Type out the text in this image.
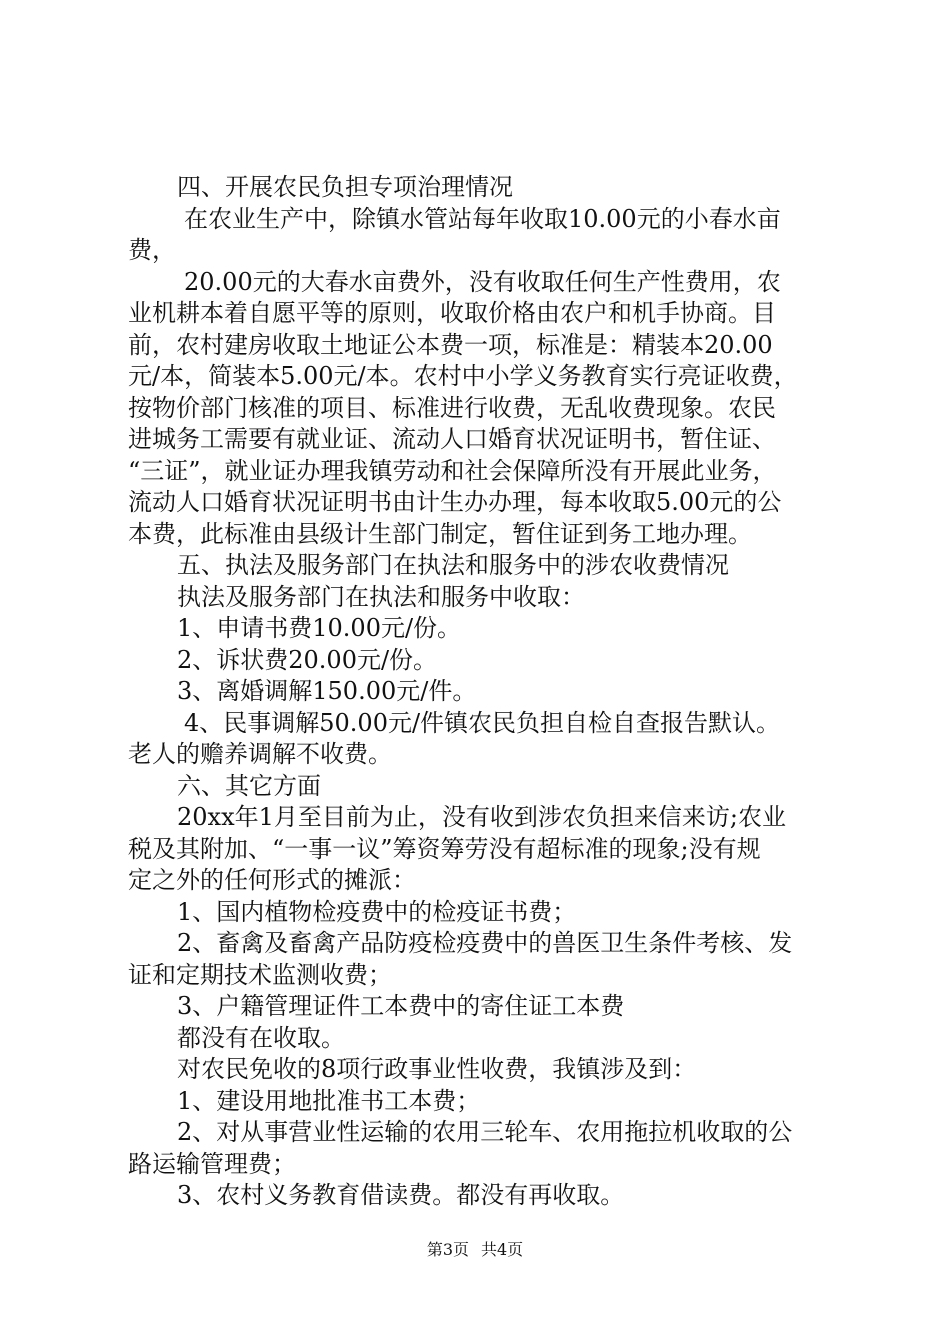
四、开展农民负担专项治理情况

在农业生产中，除镇水管站每年收取10.00元的小春水亩

费，

20.00元的大春水亩费外，没有收取任何生产性费用，农

业机耕本着自愿平等的原则，收取价格由农户和机手协商。目

前，农村建房收取土地证公本费一项，标准是：精装本20.00

元/本，简装本5.00元/本。农村中小学义务教育实行亮证收费，

按物价部门核准的项目、标准进行收费，无乱收费现象。农民

进城务工需要有就业证、流动人口婚育状况证明书，暂住证、

“三证”，就业证办理我镇劳动和社会保障所没有开展此业务，

流动人口婚育状况证明书由计生办办理，每本收取5.00元的公

本费，此标准由县级计生部门制定，暂住证到务工地办理。

五、执法及服务部门在执法和服务中的涉农收费情况

执法及服务部门在执法和服务中收取：

1、申请书费10.00元/份。

2、诉状费20.00元/份。

3、离婚调解150.00元/件。

4、民事调解50.00元/件镇农民负担自检自查报告默认。

老人的赡养调解不收费。

六、其它方面

20xx年1月至目前为止，没有收到涉农负担来信来访;农业

税及其附加、“一事一议”筹资筹劳没有超标准的现象;没有规

定之外的任何形式的摊派：

1、国内植物检疫费中的检疫证书费；

2、畜禽及畜禽产品防疫检疫费中的兽医卫生条件考核、发

证和定期技术监测收费；

3、户籍管理证件工本费中的寄住证工本费

都没有在收取。

对农民免收的8项行政事业性收费，我镇涉及到：

1、建设用地批准书工本费；

2、对从事营业性运输的农用三轮车、农用拖拉机收取的公

路运输管理费；

3、农村义务教育借读费。都没有再收取。

第3页 共4页
